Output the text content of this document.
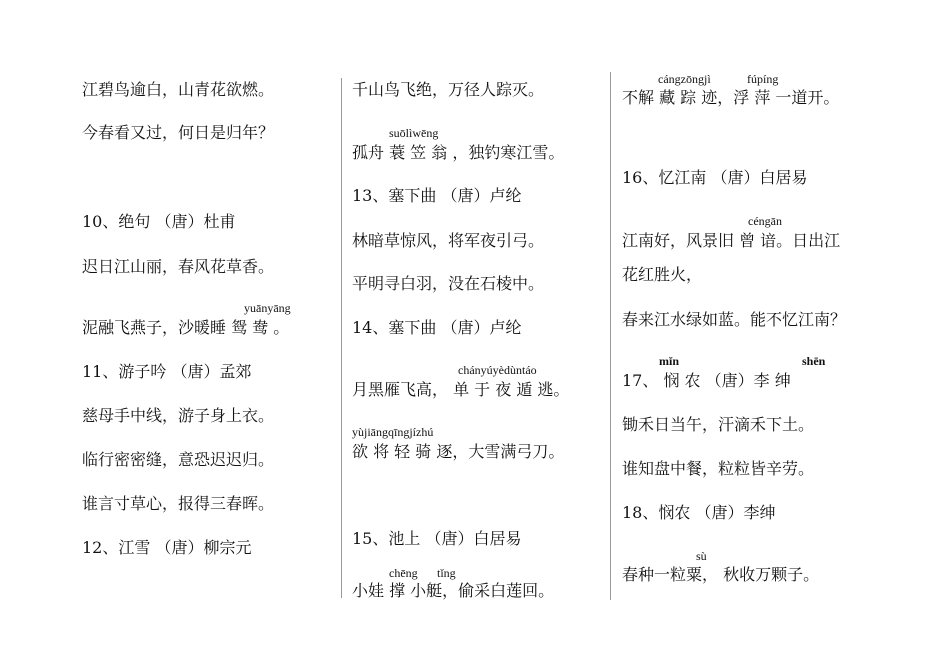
江碧鸟逾白，山青花欲燃。
今春看又过，何日是归年？
10、绝句 （唐）杜甫
迟日江山丽，春风花草香。
yuānyāng
泥融飞燕子，沙暖睡 鸳 鸯 。
11、游子吟 （唐）孟郊
慈母手中线，游子身上衣。
临行密密缝，意恐迟迟归。
谁言寸草心，报得三春晖。
12、江雪 （唐）柳宗元
千山鸟飞绝，万径人踪灭。
suōlìwēng
孤舟 蓑 笠 翁 ，独钓寒江雪。
13、塞下曲 （唐）卢纶
林暗草惊风，将军夜引弓。
平明寻白羽，没在石棱中。
14、塞下曲 （唐）卢纶
chányúyèdùntáo
月黑雁飞高， 单 于 夜 遁 逃。
yùjiāngqīngjízhú
欲 将 轻 骑 逐，大雪满弓刀。
15、池上 （唐）白居易
chēng tǐng
小娃 撑 小艇，偷采白莲回。
cángzōngjì	fúpíng
不解 藏 踪 迹，浮 萍 一道开。
16、忆江南 （唐）白居易
céngān
江南好，风景旧 曾 谙。日出江
花红胜火，
春来江水绿如蓝。能不忆江南？
mǐn	shēn
17、 悯 农 （唐）李 绅
锄禾日当午，汗滴禾下土。
谁知盘中餐，粒粒皆辛劳。
18、悯农 （唐）李绅
sù
春种一粒粟， 秋收万颗子。
